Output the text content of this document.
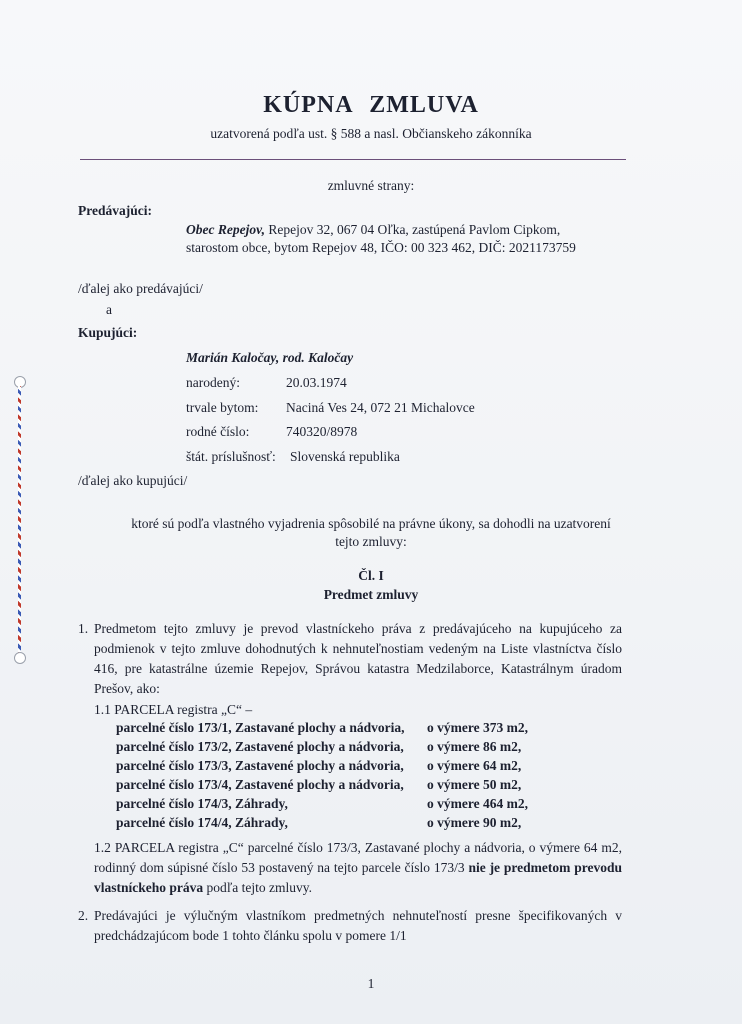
KÚPNA ZMLUVA
uzatvorená podľa ust. § 588 a nasl. Občianskeho zákonníka
zmluvné strany:
Predávajúci:
Obec Repejov, Repejov 32, 067 04 Oľka, zastúpená Pavlom Cipkom,
starostom obce, bytom Repejov 48, IČO: 00 323 462, DIČ: 2021173759
/ďalej ako predávajúci/
a
Kupujúci:
Marián Kaločay, rod. Kaločay
narodený:	20.03.1974
trvale bytom: Naciná Ves 24, 072 21 Michalovce
rodné číslo:	740320/8978
štát. príslušnosť: Slovenská republika
/ďalej ako kupujúci/
ktoré sú podľa vlastného vyjadrenia spôsobilé na právne úkony, sa dohodli na uzatvorení
tejto zmluvy:
Čl. I
Predmet zmluvy
1. Predmetom tejto zmluvy je prevod vlastníckeho práva z predávajúceho na kupujúceho za podmienok v tejto zmluve dohodnutých k nehnuteľnostiam vedeným na Liste vlastníctva číslo 416, pre katastrálne územie Repejov, Správou katastra Medzilaborce, Katastrálnym úradom Prešov, ako:
1.1 PARCELA registra „C“ –
parcelné číslo 173/1, Zastavané plochy a nádvoria, o výmere 373 m2,
parcelné číslo 173/2, Zastavené plochy a nádvoria, o výmere 86 m2,
parcelné číslo 173/3, Zastavené plochy a nádvoria, o výmere 64 m2,
parcelné číslo 173/4, Zastavené plochy a nádvoria, o výmere 50 m2,
parcelné číslo 174/3, Záhrady,	o výmere 464 m2,
parcelné číslo 174/4, Záhrady,	o výmere 90 m2,
1.2 PARCELA registra „C“ parcelné číslo 173/3, Zastavané plochy a nádvoria, o výmere 64 m2, rodinný dom súpisné číslo 53 postavený na tejto parcele číslo 173/3 nie je predmetom prevodu vlastníckeho práva podľa tejto zmluvy.
2. Predávajúci je výlučným vlastníkom predmetných nehnuteľností presne špecifikovaných v predchádzajúcom bode 1 tohto článku spolu v pomere 1/1
1
